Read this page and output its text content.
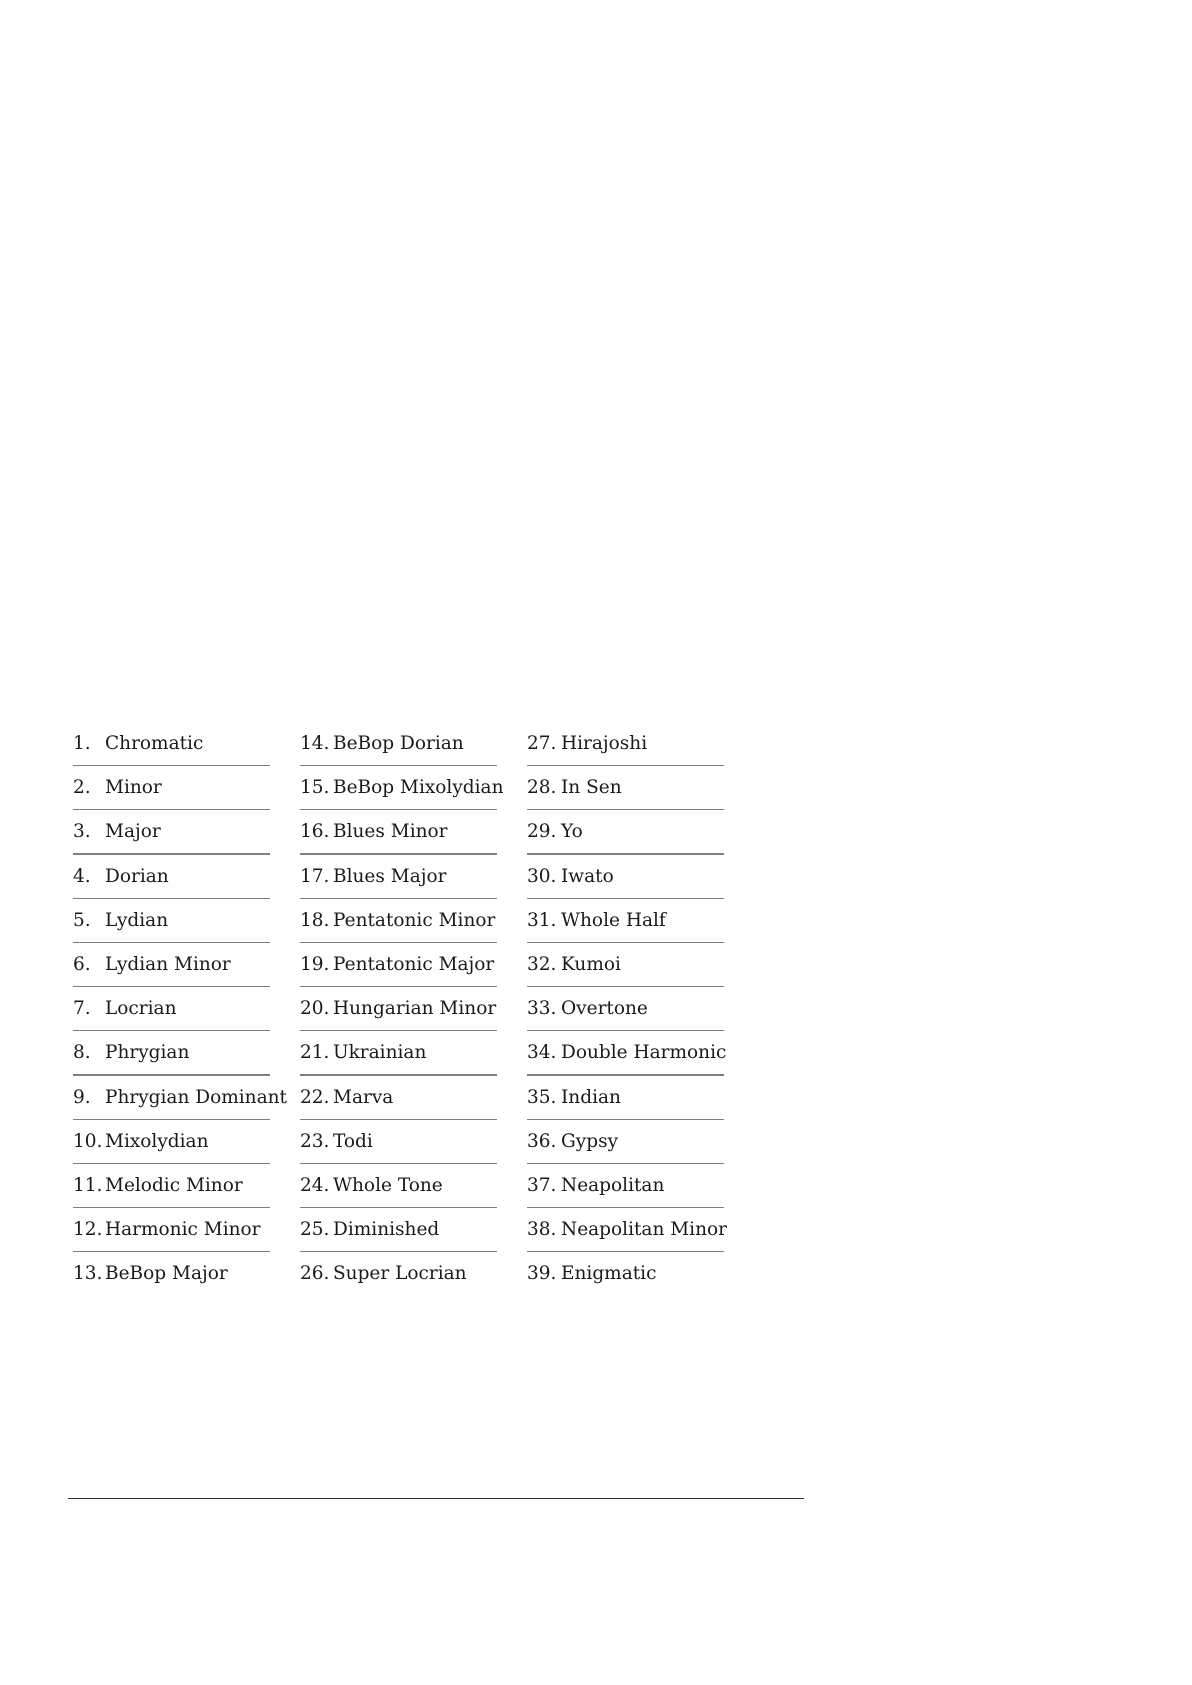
1. Chromatic
2. Minor
3. Major
4. Dorian
5. Lydian
6. Lydian Minor
7. Locrian
8. Phrygian
9. Phrygian Dominant
10. Mixolydian
11. Melodic Minor
12. Harmonic Minor
13. BeBop Major
14. BeBop Dorian
15. BeBop Mixolydian
16. Blues Minor
17. Blues Major
18. Pentatonic Minor
19. Pentatonic Major
20. Hungarian Minor
21. Ukrainian
22. Marva
23. Todi
24. Whole Tone
25. Diminished
26. Super Locrian
27. Hirajoshi
28. In Sen
29. Yo
30. Iwato
31. Whole Half
32. Kumoi
33. Overtone
34. Double Harmonic
35. Indian
36. Gypsy
37. Neapolitan
38. Neapolitan Minor
39. Enigmatic
